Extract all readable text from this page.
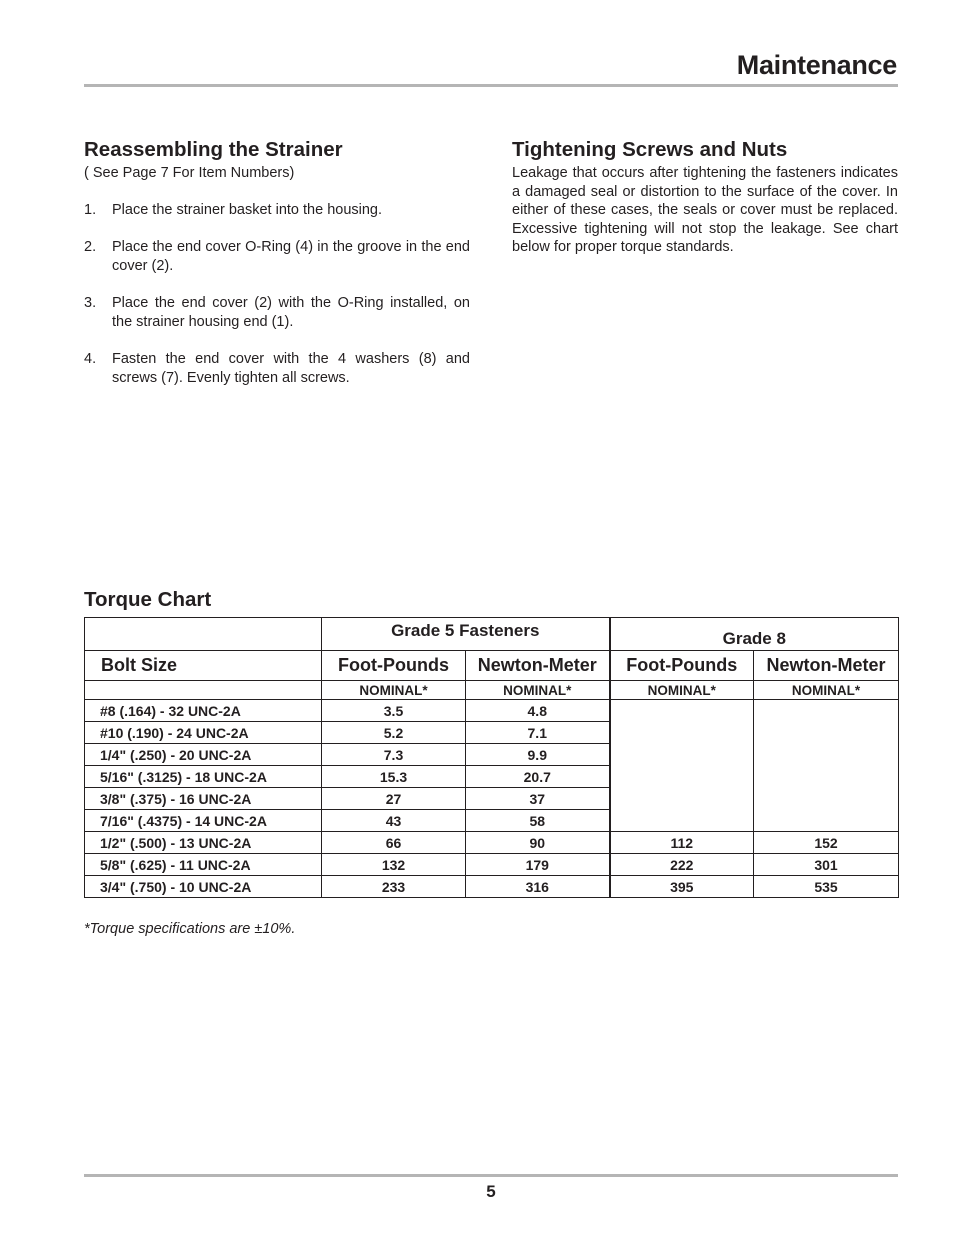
Maintenance
Reassembling the Strainer
( See Page 7 For Item Numbers)
1. Place the strainer basket into the housing.
2. Place the end cover O-Ring (4) in the groove in the end cover (2).
3. Place the end cover (2) with the O-Ring installed, on the strainer housing end (1).
4. Fasten the end cover with the 4 washers (8) and screws (7). Evenly tighten all screws.
Tightening Screws and Nuts
Leakage that occurs after tightening the fasteners indicates a damaged seal or distortion to the surface of the cover. In either of these cases, the seals or cover must be replaced. Excessive tightening will not stop the leakage. See chart below for proper torque standards.
Torque Chart
	Grade 5 Fasteners		Grade 8	
Bolt Size	Foot-Pounds	Newton-Meter	Foot-Pounds	Newton-Meter
	NOMINAL*	NOMINAL*	NOMINAL*	NOMINAL*
#8 (.164) - 32 UNC-2A	3.5	4.8		
#10 (.190) - 24 UNC-2A	5.2	7.1		
1/4" (.250) - 20 UNC-2A	7.3	9.9		
5/16" (.3125) - 18 UNC-2A	15.3	20.7		
3/8" (.375) - 16 UNC-2A	27	37		
7/16" (.4375) - 14 UNC-2A	43	58		
1/2" (.500) - 13 UNC-2A	66	90	112	152
5/8" (.625) - 11 UNC-2A	132	179	222	301
3/4" (.750) - 10 UNC-2A	233	316	395	535
*Torque specifications are ±10%.
5
